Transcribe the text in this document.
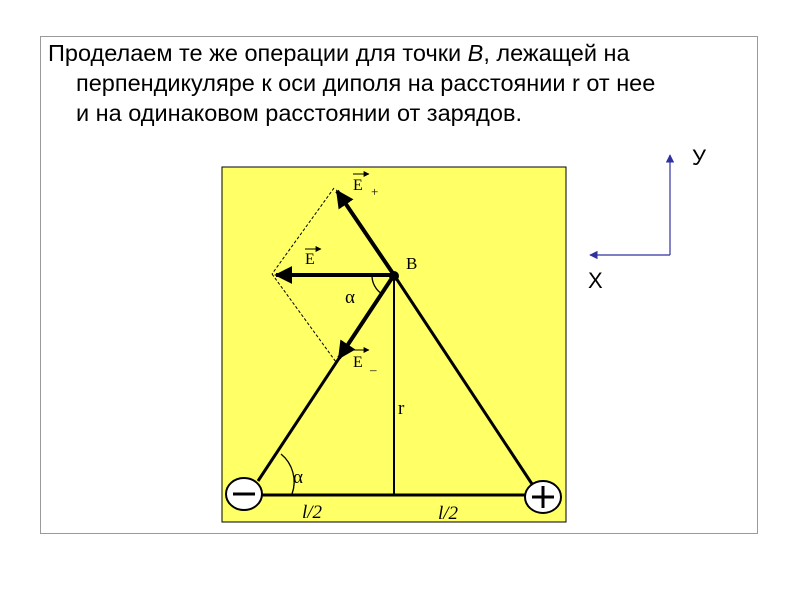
Проделаем те же операции для точки B, лежащей на
перпендикуляре к оси диполя на расстоянии r от нее
и на одинаковом расстоянии от зарядов.
B
α
α
E +
E
E –
r
l/2	l/2
У
Х
